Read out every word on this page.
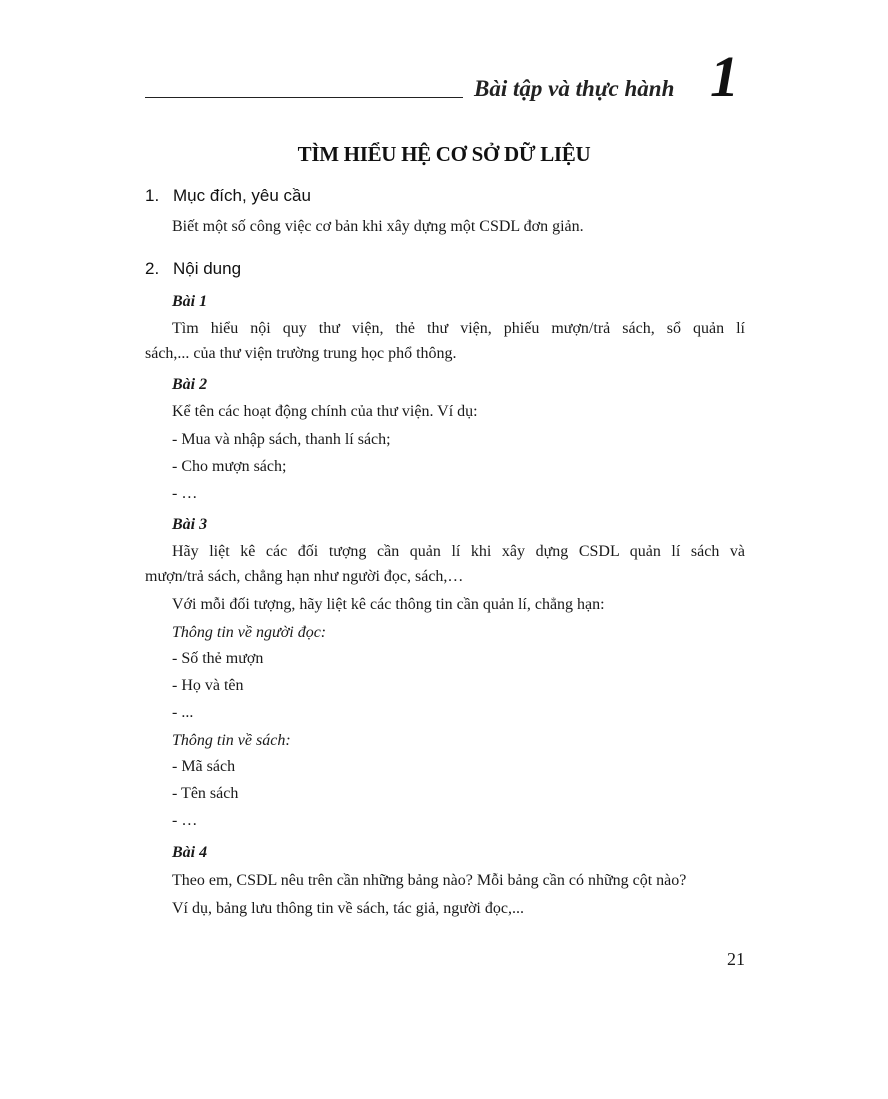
Bài tập và thực hành 1
TÌM HIỂU HỆ CƠ SỞ DỮ LIỆU
1. Mục đích, yêu cầu
Biết một số công việc cơ bản khi xây dựng một CSDL đơn giản.
2. Nội dung
Bài 1
Tìm hiểu nội quy thư viện, thẻ thư viện, phiếu mượn/trả sách, sổ quản lí
sách,... của thư viện trường trung học phổ thông.
Bài 2
Kể tên các hoạt động chính của thư viện. Ví dụ:
- Mua và nhập sách, thanh lí sách;
- Cho mượn sách;
- …
Bài 3
Hãy liệt kê các đối tượng cần quản lí khi xây dựng CSDL quản lí sách và
mượn/trả sách, chẳng hạn như người đọc, sách,…
Với mỗi đối tượng, hãy liệt kê các thông tin cần quản lí, chẳng hạn:
Thông tin về người đọc:
- Số thẻ mượn
- Họ và tên
- ...
Thông tin về sách:
- Mã sách
- Tên sách
- …
Bài 4
Theo em, CSDL nêu trên cần những bảng nào? Mỗi bảng cần có những cột nào?
Ví dụ, bảng lưu thông tin về sách, tác giả, người đọc,...
21
